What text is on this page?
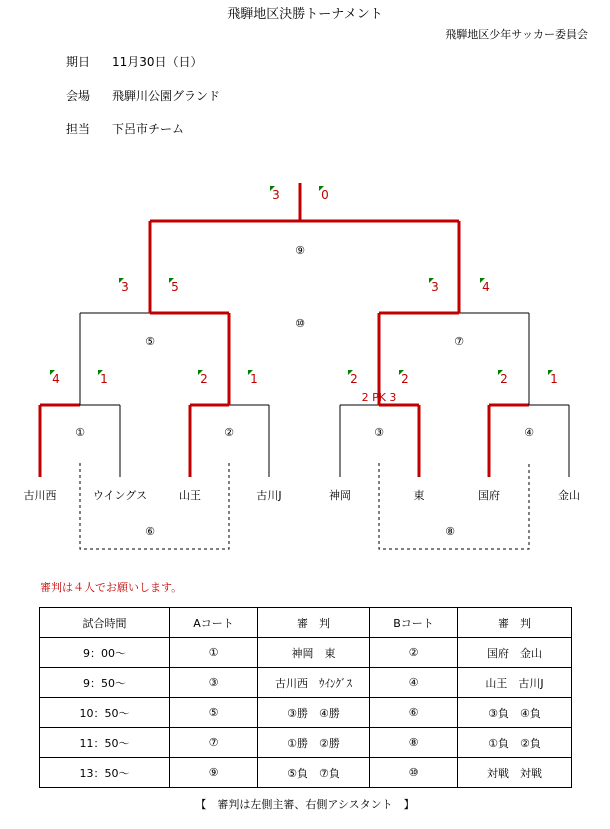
飛騨地区決勝トーナメント
飛騨地区少年サッカー委員会
期日 11月30日（日）
会場 飛騨川公園グランド
担当 下呂市チーム
古川西	ウイングス	山王	古川J	神岡	東	国府	金山
①	②	③	④
4	1	2	1	2	2
2 PK 3
2	1
⑤	⑦
3	5	3	4
⑨
⑩
3	0
⑥	⑧
審判は４人でお願いします。
試合時間	Aコート	審　判	Bコート	審　判
9：00～	①	神岡　東	②	国府　金山
9：50～	③	古川西　ｳｲﾝｸﾞｽ	④	山王　古川J
10：50～	⑤	③勝　④勝	⑥	③負　④負
11：50～	⑦	①勝　②勝	⑧	①負　②負
13：50～	⑨	⑤負　⑦負	⑩	対戦　対戦
【　審判は左側主審、右側アシスタント　】
